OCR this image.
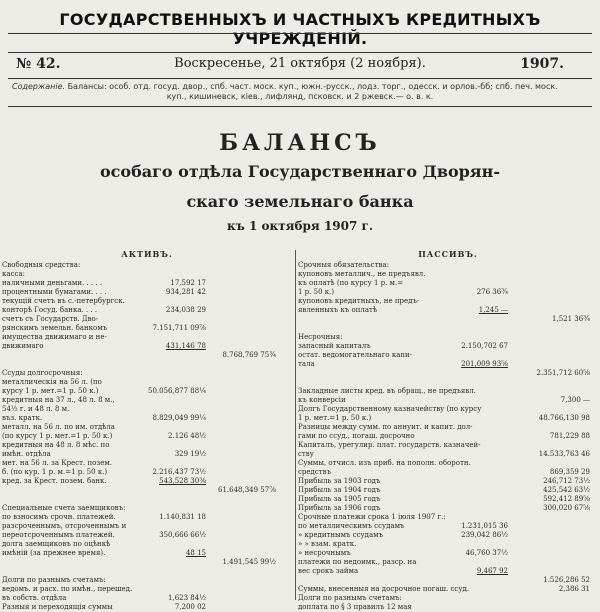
ГОСУДАРСТВЕННЫХЪ И ЧАСТНЫХЪ КРЕДИТНЫХЪ УЧРЕЖДЕНІЙ.
№ 42.	Воскресенье, 21 октября (2 ноября).	1907.
Содержаніе. Балансы: особ. отд. госуд. двор., спб. част. моск. куп., южн.-русск., лодз. торг., одесск. и орлов.-бб; спб. печ. моск.
куп., кишиневск, кіев., лифлянд, псковск. и 2 ржевск.— о. в. к.
БАЛАНСЪ
особаго отдѣла Государственнаго Дворян-
скаго земельнаго банка
къ 1 октября 1907 г.
АКТИВЪ.
Свободныя средства:
касса:
наличными деньгами. . . . .	17,592 17
процентными бумагами. . . .	934,281 42
текущій счетъ въ с.-петербургск.
конторѣ Госуд. банка. . . .	234,038 29
счетъ съ Государств. Дво-
рянскимъ земельн. банкомъ	7.151,711 09⅞
имущества движимаго и не-
движимаго	431,146 78
8.768,769 75¾
Ссуды долгосрочныя:
металлическія на 56 л. (по
курсу 1 р. мет.=1 р. 50 к.)	50.056,877 88¼
кредитныя на 37 л., 48 л. 8 м.,
54½ г. и 48 л. 8 м.
въз. кратк.	8.829,049 99¼
металл. на 56 л. по им. отдѣла
(по курсу 1 р. мет.=1 р. 50 к.)	2.126 48½
кредитныя на 48 л. 8 мѣс. по
имѣн. отдѣла	329 19½
мет. на 56 л. за Крест. позем.
б. (по кур. 1 р. м.=1 р. 50 к.)	2.216,437 73½
кред. за Крест. позем. банк.	543,528 30⅜
61.648,349 57⅞
Специальные счета заемщиковъ:
по взносимъ срочн. платежей.	1.140,831 18
разсроченнымъ, отсроченнымъ и
переотсроченнымъ платежей.	350,666 66½
долга заемщиковъ по оцѣнкѣ
имѣній (за прежнее время).	48 15
1.491,545 99½
Долги по разнымъ счетамъ:
ведомъ. и расх. по имѣн., перешед.
въ собств. отдѣла	1,623 84½
Разныя и переходящія суммы	7,200 02
ПАССИВЪ.
Срочныя обязательства:
купоновъ металлич., не предъявл.
къ оплатѣ (по курсу 1 р. м.=
1 р. 50 к.)	276 36¾
купоновъ кредитныхъ, не предъ-
явленныхъ къ оплатѣ	1,245 —
1,521 36¾
Несрочныя:
запасный капиталъ	2.150,702 67
остат. ведомогательнаго капи-
тала	201,009 93⅝
2.351,712 60⅝
Закладные листы кред. въ обращ., не предъявл.
къ конверсіи	7,300 —
Долгъ Государственному казначейству (по курсу
1 р. мет.=1 р. 50 к.)	48.766,130 98
Разницы между сумм. по аннуит. и капит. дол-
гами по ссуд., погаш. досрочно	781,229 88
Капиталъ, урегулир. плат. государств. казначей-
ству	14.533,763 46
Суммы, отчисл. изъ приб. на пополн. оборотн.
средствъ	869,359 29
Прибыль за 1903 годъ	246,712 73½
Прибыль за 1904 годъ	425,542 63½
Прибыль за 1905 годъ	592,412 89⅝
Прибыль за 1906 годъ	300,020 67⅝
Срочные платежи срока 1 іюля 1907 г.:
по металлическимъ ссудамъ	1.231,015 36
» кредитнымъ ссудамъ	239,042 86½
» » взам. кратк.
» несрочнымъ	46,760 37½
платежи по недоимк., разср. на
вес срокъ займа	9,467 92
1.526,286 52
Суммы, внесенныя на досрочное погаш. ссуд.	2,386 31
Долги по разнымъ счетамъ:
доплата по § 3 правилъ 12 мая
